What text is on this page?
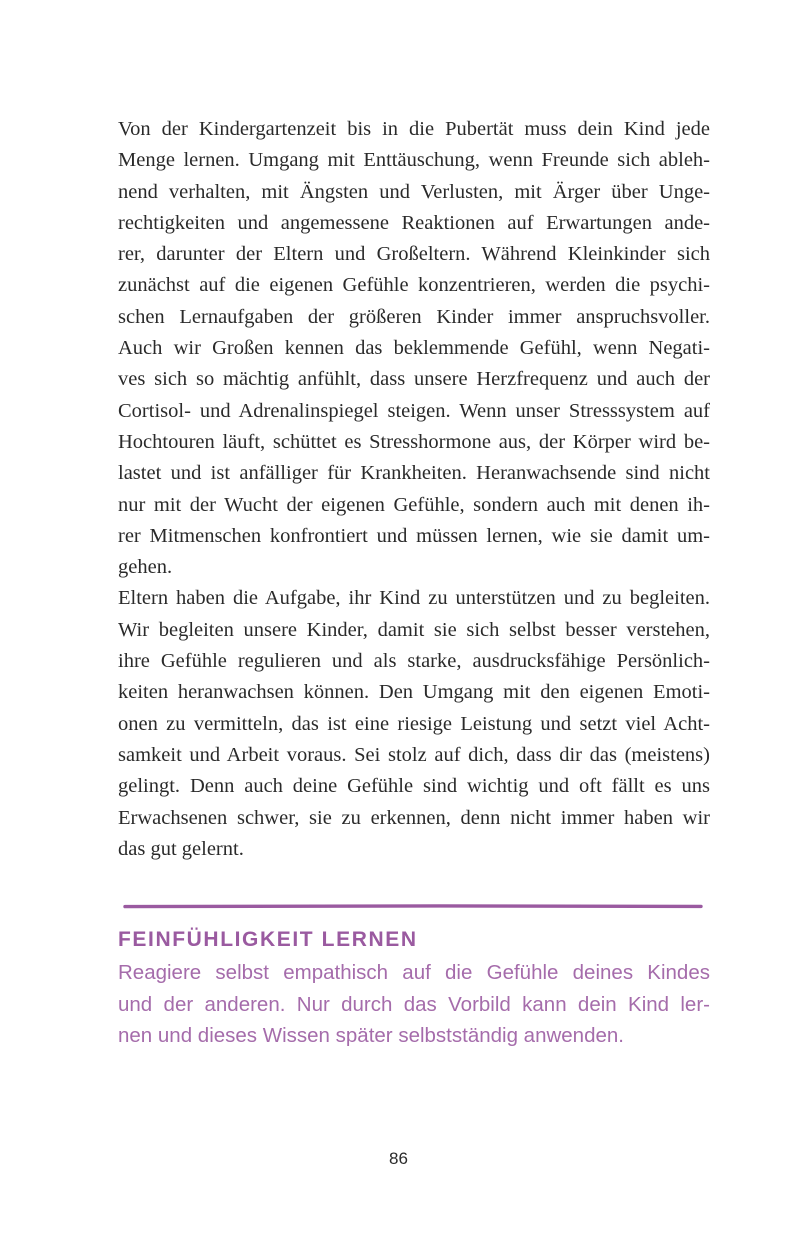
Von der Kindergartenzeit bis in die Pubertät muss dein Kind jede
Menge lernen. Umgang mit Enttäuschung, wenn Freunde sich ableh-
nend verhalten, mit Ängsten und Verlusten, mit Ärger über Unge-
rechtigkeiten und angemessene Reaktionen auf Erwartungen ande-
rer, darunter der Eltern und Großeltern. Während Kleinkinder sich
zunächst auf die eigenen Gefühle konzentrieren, werden die psychi-
schen Lernaufgaben der größeren Kinder immer anspruchsvoller.
Auch wir Großen kennen das beklemmende Gefühl, wenn Negati-
ves sich so mächtig anfühlt, dass unsere Herzfrequenz und auch der
Cortisol- und Adrenalinspiegel steigen. Wenn unser Stresssystem auf
Hochtouren läuft, schüttet es Stresshormone aus, der Körper wird be-
lastet und ist anfälliger für Krankheiten. Heranwachsende sind nicht
nur mit der Wucht der eigenen Gefühle, sondern auch mit denen ih-
rer Mitmenschen konfrontiert und müssen lernen, wie sie damit um-
gehen.
Eltern haben die Aufgabe, ihr Kind zu unterstützen und zu begleiten.
Wir begleiten unsere Kinder, damit sie sich selbst besser verstehen,
ihre Gefühle regulieren und als starke, ausdrucksfähige Persönlich-
keiten heranwachsen können. Den Umgang mit den eigenen Emoti-
onen zu vermitteln, das ist eine riesige Leistung und setzt viel Acht-
samkeit und Arbeit voraus. Sei stolz auf dich, dass dir das (meistens)
gelingt. Denn auch deine Gefühle sind wichtig und oft fällt es uns
Erwachsenen schwer, sie zu erkennen, denn nicht immer haben wir
das gut gelernt.
FEINFÜHLIGKEIT LERNEN
Reagiere selbst empathisch auf die Gefühle deines Kindes
und der anderen. Nur durch das Vorbild kann dein Kind ler-
nen und dieses Wissen später selbstständig anwenden.
86
